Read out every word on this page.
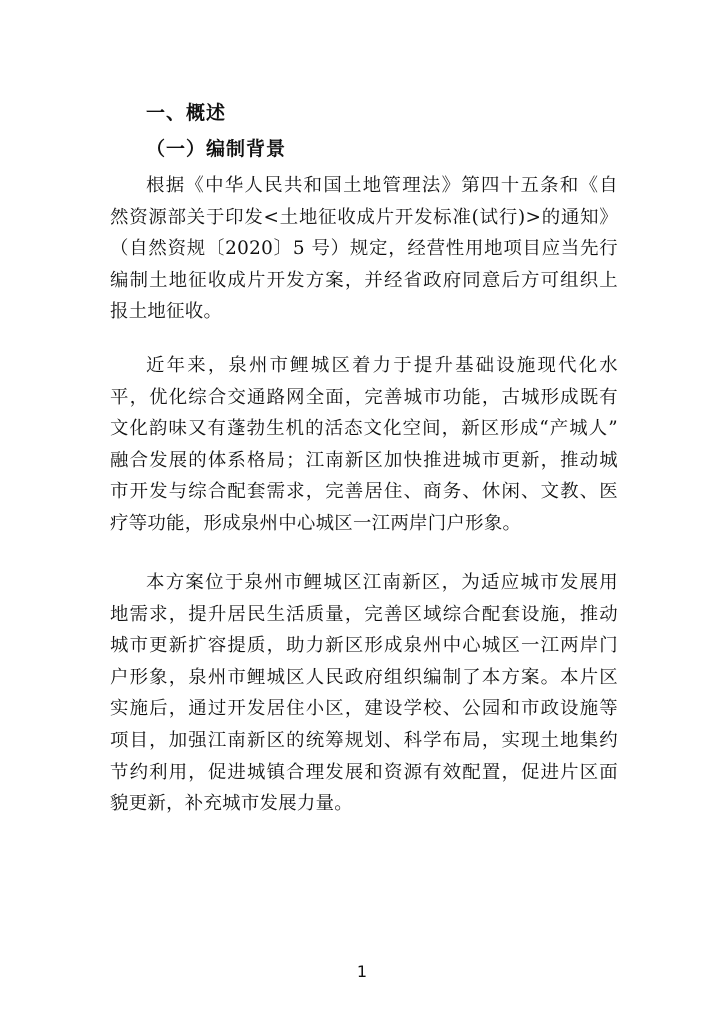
一、概述
（一）编制背景
根据《中华人民共和国土地管理法》第四十五条和《自
然资源部关于印发<土地征收成片开发标准(试行)>的通知》
（自然资规〔2020〕5 号）规定，经营性用地项目应当先行
编制土地征收成片开发方案，并经省政府同意后方可组织上
报土地征收。
近年来，泉州市鲤城区着力于提升基础设施现代化水
平，优化综合交通路网全面，完善城市功能，古城形成既有
文化韵味又有蓬勃生机的活态文化空间，新区形成“产城人”
融合发展的体系格局；江南新区加快推进城市更新，推动城
市开发与综合配套需求，完善居住、商务、休闲、文教、医
疗等功能，形成泉州中心城区一江两岸门户形象。
本方案位于泉州市鲤城区江南新区，为适应城市发展用
地需求，提升居民生活质量，完善区域综合配套设施，推动
城市更新扩容提质，助力新区形成泉州中心城区一江两岸门
户形象，泉州市鲤城区人民政府组织编制了本方案。本片区
实施后，通过开发居住小区，建设学校、公园和市政设施等
项目，加强江南新区的统筹规划、科学布局，实现土地集约
节约利用，促进城镇合理发展和资源有效配置，促进片区面
貌更新，补充城市发展力量。
1
